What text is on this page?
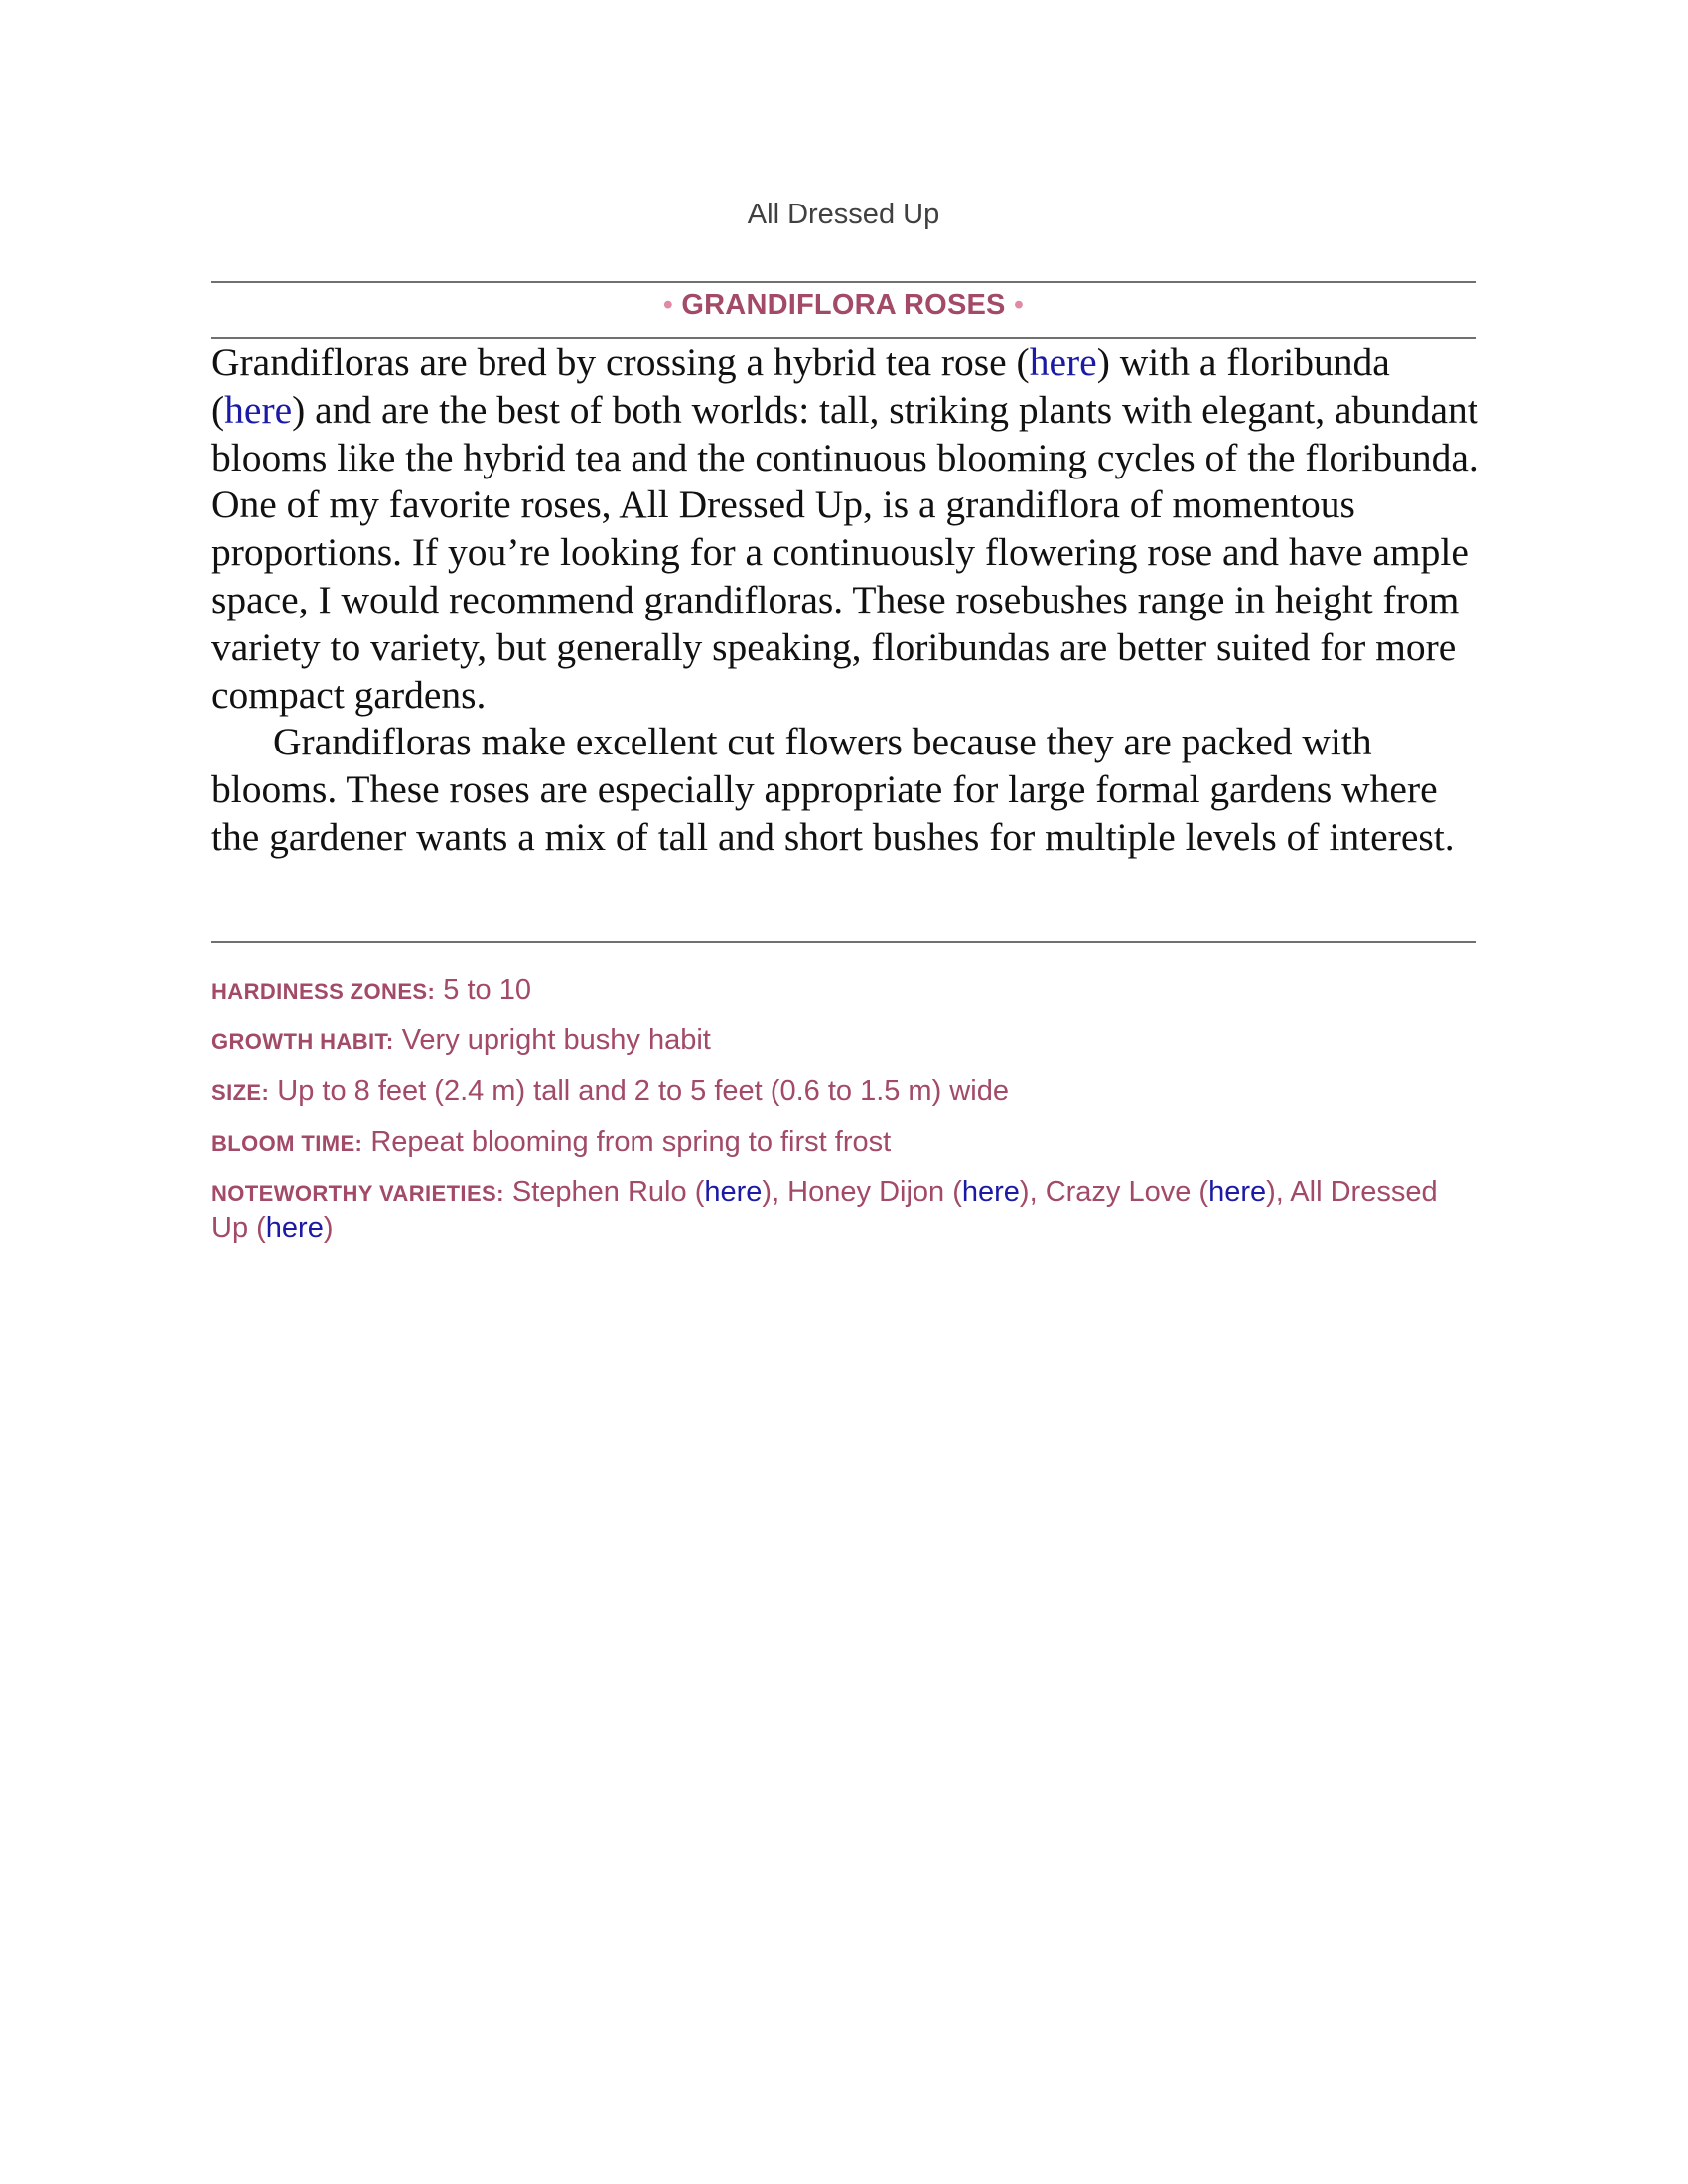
All Dressed Up
• GRANDIFLORA ROSES •

Grandifloras are bred by crossing a hybrid tea rose (here) with a floribunda (here) and are the best of both worlds: tall, striking plants with elegant, abundant blooms like the hybrid tea and the continuous blooming cycles of the floribunda. One of my favorite roses, All Dressed Up, is a grandiflora of momentous proportions. If you’re looking for a continuously flowering rose and have ample space, I would recommend grandifloras. These rosebushes range in height from variety to variety, but generally speaking, floribundas are better suited for more compact gardens.

Grandifloras make excellent cut flowers because they are packed with blooms. These roses are especially appropriate for large formal gardens where the gardener wants a mix of tall and short bushes for multiple levels of interest.

HARDINESS ZONES: 5 to 10
GROWTH HABIT: Very upright bushy habit
SIZE: Up to 8 feet (2.4 m) tall and 2 to 5 feet (0.6 to 1.5 m) wide
BLOOM TIME: Repeat blooming from spring to first frost
NOTEWORTHY VARIETIES: Stephen Rulo (here), Honey Dijon (here), Crazy Love (here), All Dressed Up (here)
